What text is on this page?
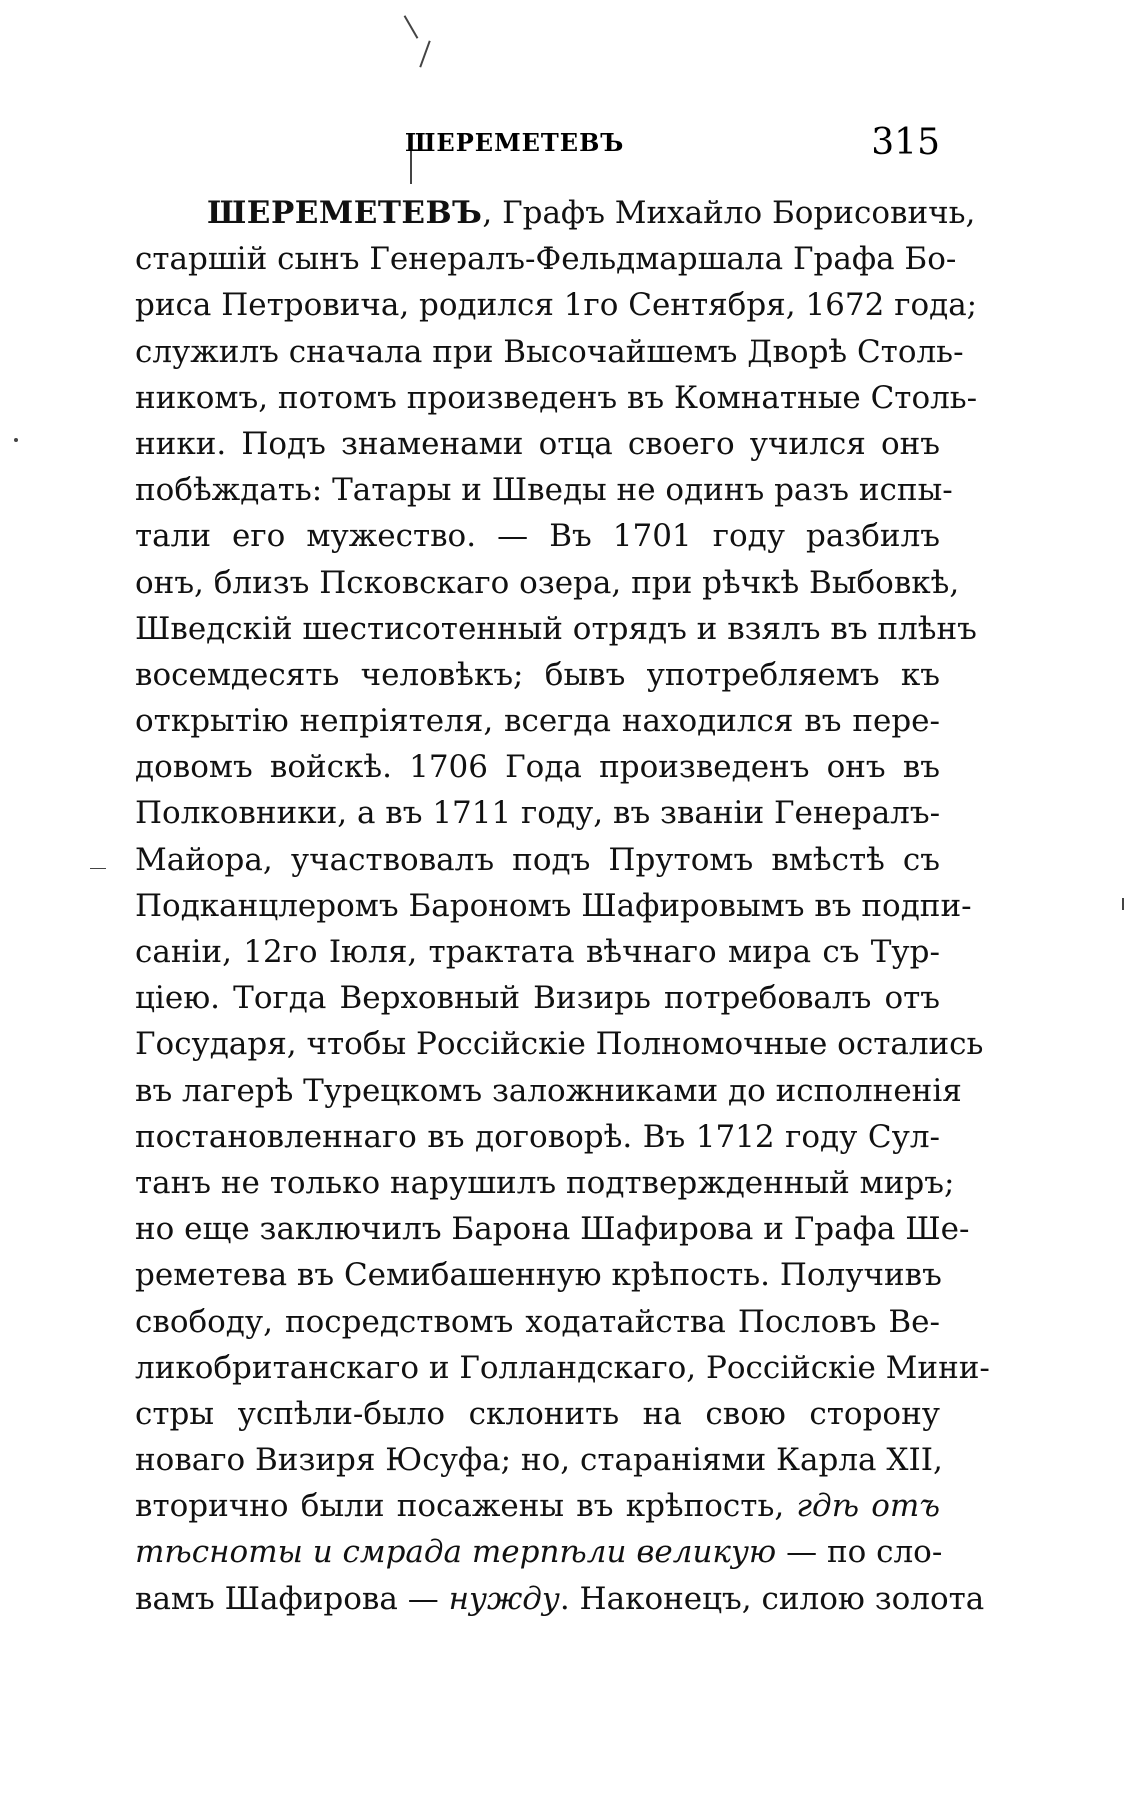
ШЕРЕМЕТЕВЪ	315
ШЕРЕМЕТЕВЪ, Графъ Михайло Борисовичь,
старшій сынъ Генералъ-Фельдмаршала Графа Бо-
риса Петровича, родился 1го Сентября, 1672 года;
служилъ сначала при Высочайшемъ Дворѣ Столь-
никомъ, потомъ произведенъ въ Комнатные Столь-
ники. Подъ знаменами отца своего учился онъ
побѣждать: Татары и Шведы не одинъ разъ испы-
тали его мужество. — Въ 1701 году разбилъ
онъ, близъ Псковскаго озера, при рѣчкѣ Выбовкѣ,
Шведскій шестисотенный отрядъ и взялъ въ плѣнъ
восемдесять человѣкъ; бывъ употребляемъ къ
открытію непріятеля, всегда находился въ пере-
довомъ войскѣ. 1706 Года произведенъ онъ въ
Полковники, а въ 1711 году, въ званіи Генералъ-
Майора, участвовалъ подъ Прутомъ вмѣстѣ съ
Подканцлеромъ Барономъ Шафировымъ въ подпи-
саніи, 12го Іюля, трактата вѣчнаго мира съ Тур-
ціею. Тогда Верховный Визирь потребовалъ отъ
Государя, чтобы Россійскіе Полномочные остались
въ лагерѣ Турецкомъ заложниками до исполненія
постановленнаго въ договорѣ. Въ 1712 году Сул-
танъ не только нарушилъ подтвержденный миръ;
но еще заключилъ Барона Шафирова и Графа Ше-
реметева въ Семибашенную крѣпость. Получивъ
свободу, посредствомъ ходатайства Пословъ Ве-
ликобританскаго и Голландскаго, Россійскіе Мини-
стры успѣли-было склонить на свою сторону
новаго Визиря Юсуфа; но, стараніями Карла XII,
вторично были посажены въ крѣпость, гдѣ отъ
тѣсноты и смрада терпѣли великую — по сло-
вамъ Шафирова — нужду. Наконецъ, силою золота
